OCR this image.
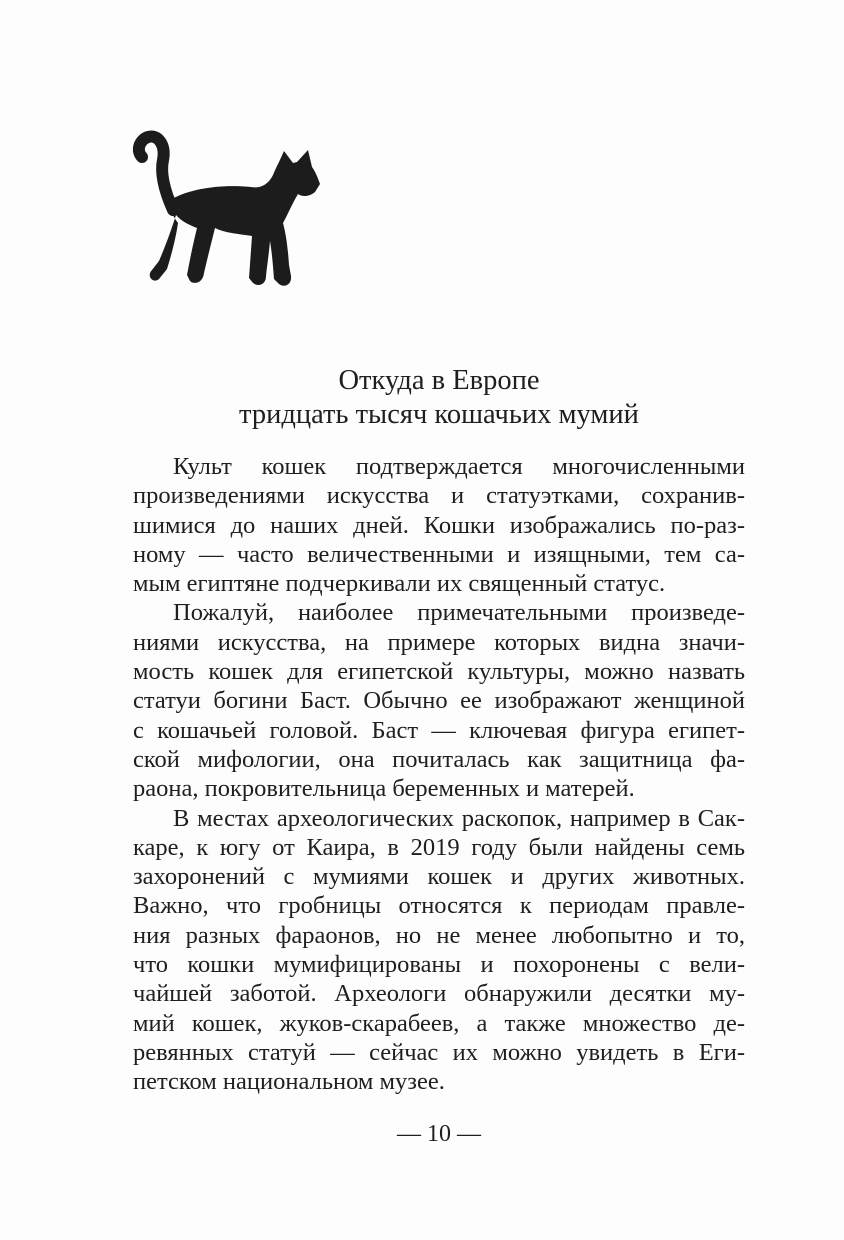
Откуда в Европе
тридцать тысяч кошачьих мумий
Культ кошек подтверждается многочисленными
произведениями искусства и статуэтками, сохранив-
шимися до наших дней. Кошки изображались по-раз-
ному — часто величественными и изящными, тем са-
мым египтяне подчеркивали их священный статус.
Пожалуй, наиболее примечательными произведе-
ниями искусства, на примере которых видна значи-
мость кошек для египетской культуры, можно назвать
статуи богини Баст. Обычно ее изображают женщиной
с кошачьей головой. Баст — ключевая фигура египет-
ской мифологии, она почиталась как защитница фа-
раона, покровительница беременных и матерей.
В местах археологических раскопок, например в Сак-
каре, к югу от Каира, в 2019 году были найдены семь
захоронений с мумиями кошек и других животных.
Важно, что гробницы относятся к периодам правле-
ния разных фараонов, но не менее любопытно и то,
что кошки мумифицированы и похоронены с вели-
чайшей заботой. Археологи обнаружили десятки му-
мий кошек, жуков-скарабеев, а также множество де-
ревянных статуй — сейчас их можно увидеть в Еги-
петском национальном музее.
— 10 —
